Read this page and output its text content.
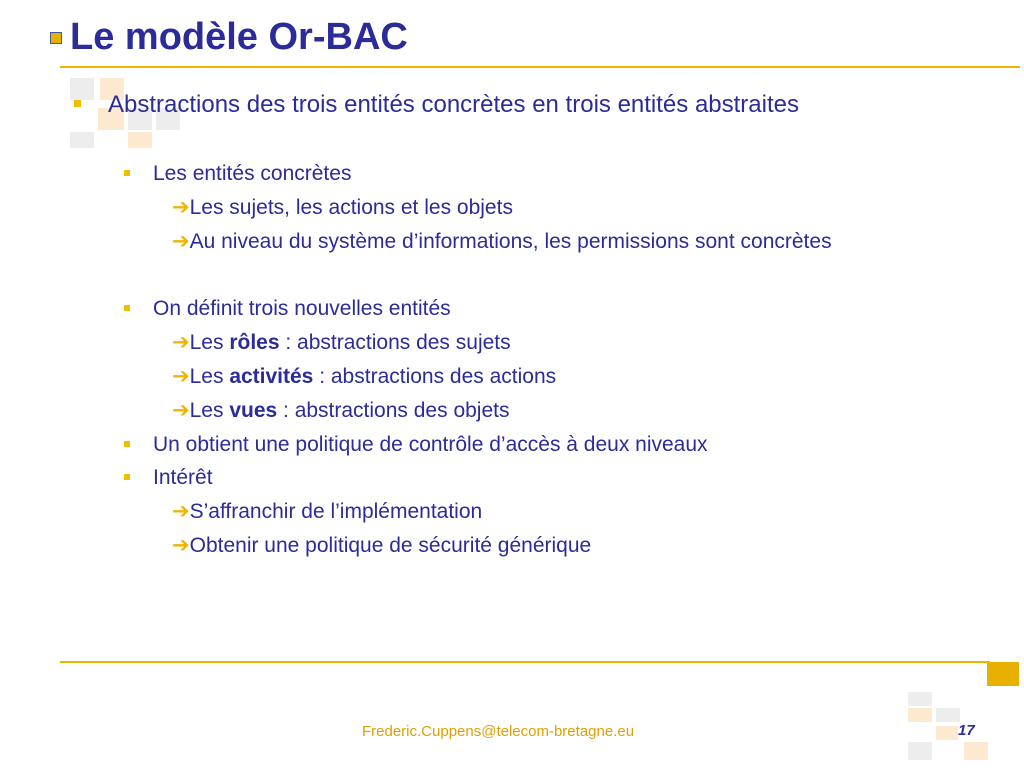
Le modèle Or-BAC
Abstractions des trois entités concrètes en trois entités abstraites
Les entités concrètes
➔Les sujets, les actions et les objets
➔Au niveau du système d’informations, les permissions sont concrètes
On définit trois nouvelles entités
➔Les rôles : abstractions des sujets
➔Les activités : abstractions des actions
➔Les vues : abstractions des objets
Un obtient une politique de contrôle d’accès à deux niveaux
Intérêt
➔S’affranchir de l’implémentation
➔Obtenir une politique de sécurité générique
Frederic.Cuppens@telecom-bretagne.eu	17
